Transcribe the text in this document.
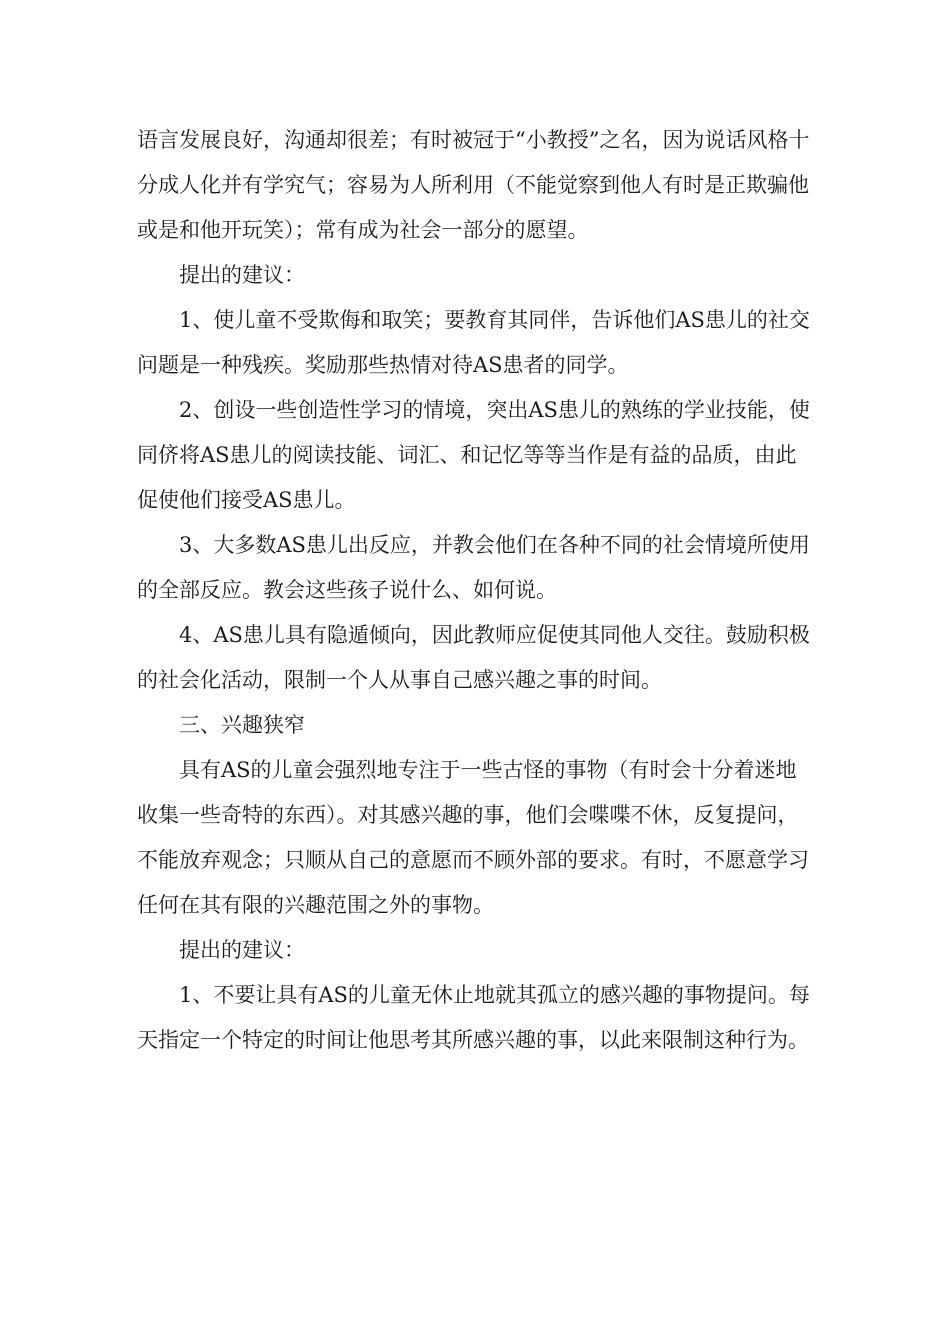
语言发展良好，沟通却很差；有时被冠于“小教授”之名，因为说话风格十分成人化并有学究气；容易为人所利用（不能觉察到他人有时是正欺骗他或是和他开玩笑）；常有成为社会一部分的愿望。

提出的建议：

1、使儿童不受欺侮和取笑；要教育其同伴，告诉他们AS患儿的社交问题是一种残疾。奖励那些热情对待AS患者的同学。

2、创设一些创造性学习的情境，突出AS患儿的熟练的学业技能，使同侪将AS患儿的阅读技能、词汇、和记忆等等当作是有益的品质，由此促使他们接受AS患儿。

3、大多数AS患儿出反应，并教会他们在各种不同的社会情境所使用的全部反应。教会这些孩子说什么、如何说。

4、AS患儿具有隐遁倾向，因此教师应促使其同他人交往。鼓励积极的社会化活动，限制一个人从事自己感兴趣之事的时间。

三、兴趣狭窄

具有AS的儿童会强烈地专注于一些古怪的事物（有时会十分着迷地收集一些奇特的东西）。对其感兴趣的事，他们会喋喋不休，反复提问，不能放弃观念；只顺从自己的意愿而不顾外部的要求。有时，不愿意学习任何在其有限的兴趣范围之外的事物。

提出的建议：

1、不要让具有AS的儿童无休止地就其孤立的感兴趣的事物提问。每天指定一个特定的时间让他思考其所感兴趣的事，以此来限制这种行为。
